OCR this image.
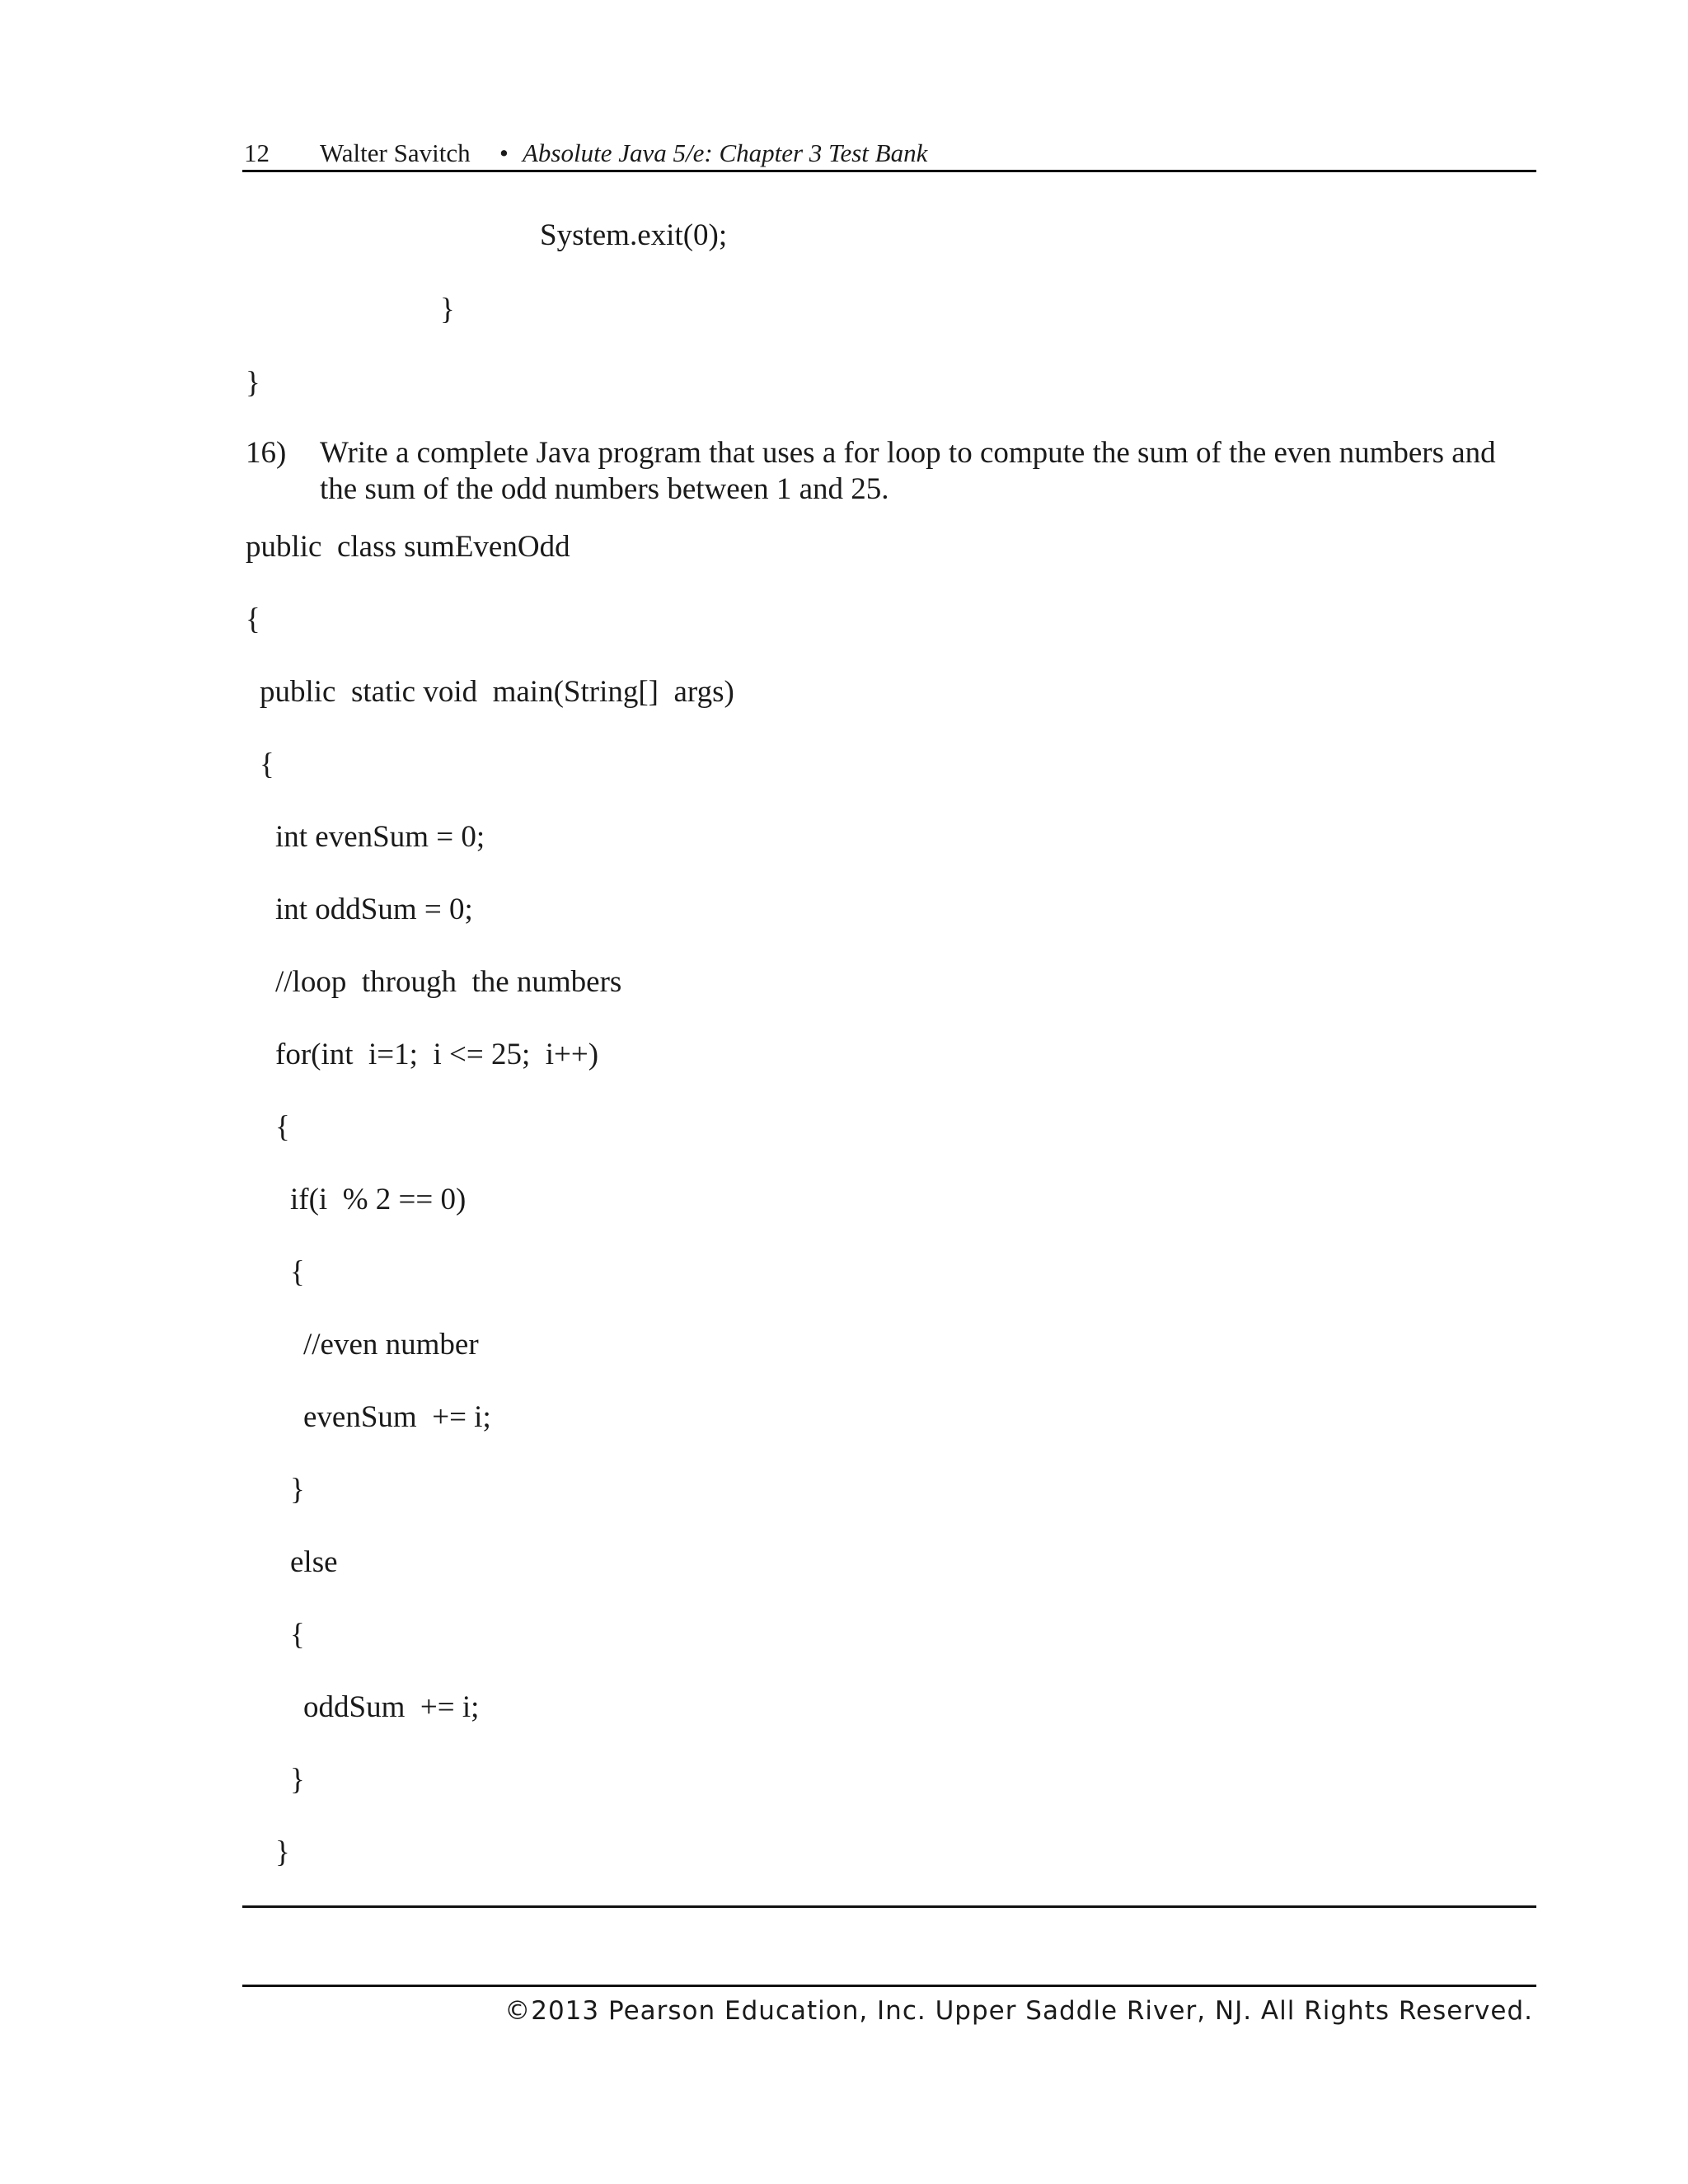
12 Walter Savitch • Absolute Java 5/e: Chapter 3 Test Bank
System.exit(0);
}
}
16) Write a complete Java program that uses a for loop to compute the sum of the even numbers and the sum of the odd numbers between 1 and 25.
public  class sumEvenOdd
{
public  static void  main(String[]  args)
{
int evenSum = 0;
int oddSum = 0;
//loop  through  the numbers
for(int  i=1;  i <= 25;  i++)
{
if(i  % 2 == 0)
{
//even number
evenSum  += i;
}
else
{
oddSum  += i;
}
}
©2013 Pearson Education, Inc. Upper Saddle River, NJ. All Rights Reserved.
